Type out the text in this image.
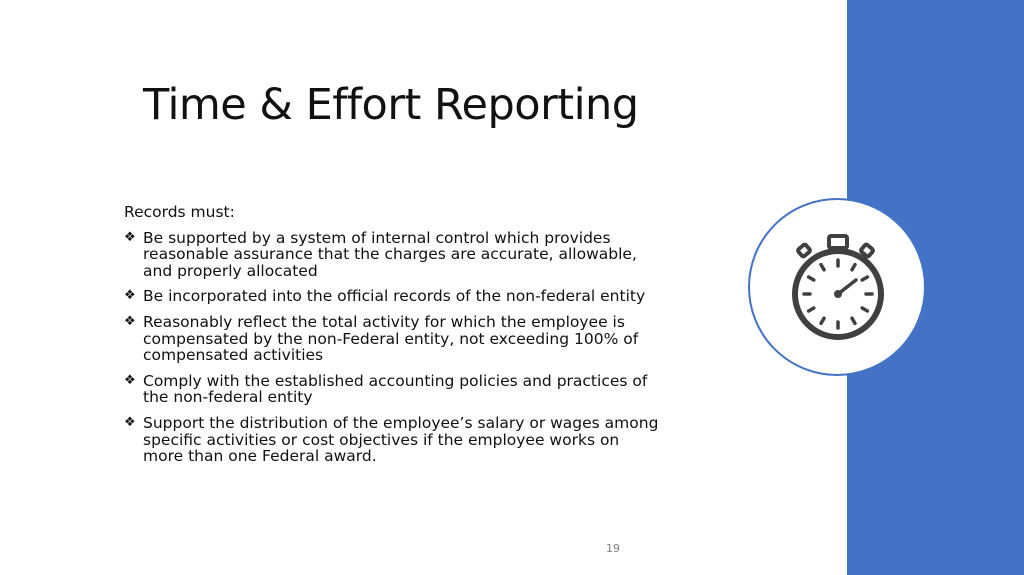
Time & Effort Reporting

Records must:

❖ Be supported by a system of internal control which provides reasonable assurance that the charges are accurate, allowable, and properly allocated
❖ Be incorporated into the official records of the non-federal entity
❖ Reasonably reflect the total activity for which the employee is compensated by the non-Federal entity, not exceeding 100% of compensated activities
❖ Comply with the established accounting policies and practices of the non-federal entity
❖ Support the distribution of the employee’s salary or wages among specific activities or cost objectives if the employee works on more than one Federal award.
19
